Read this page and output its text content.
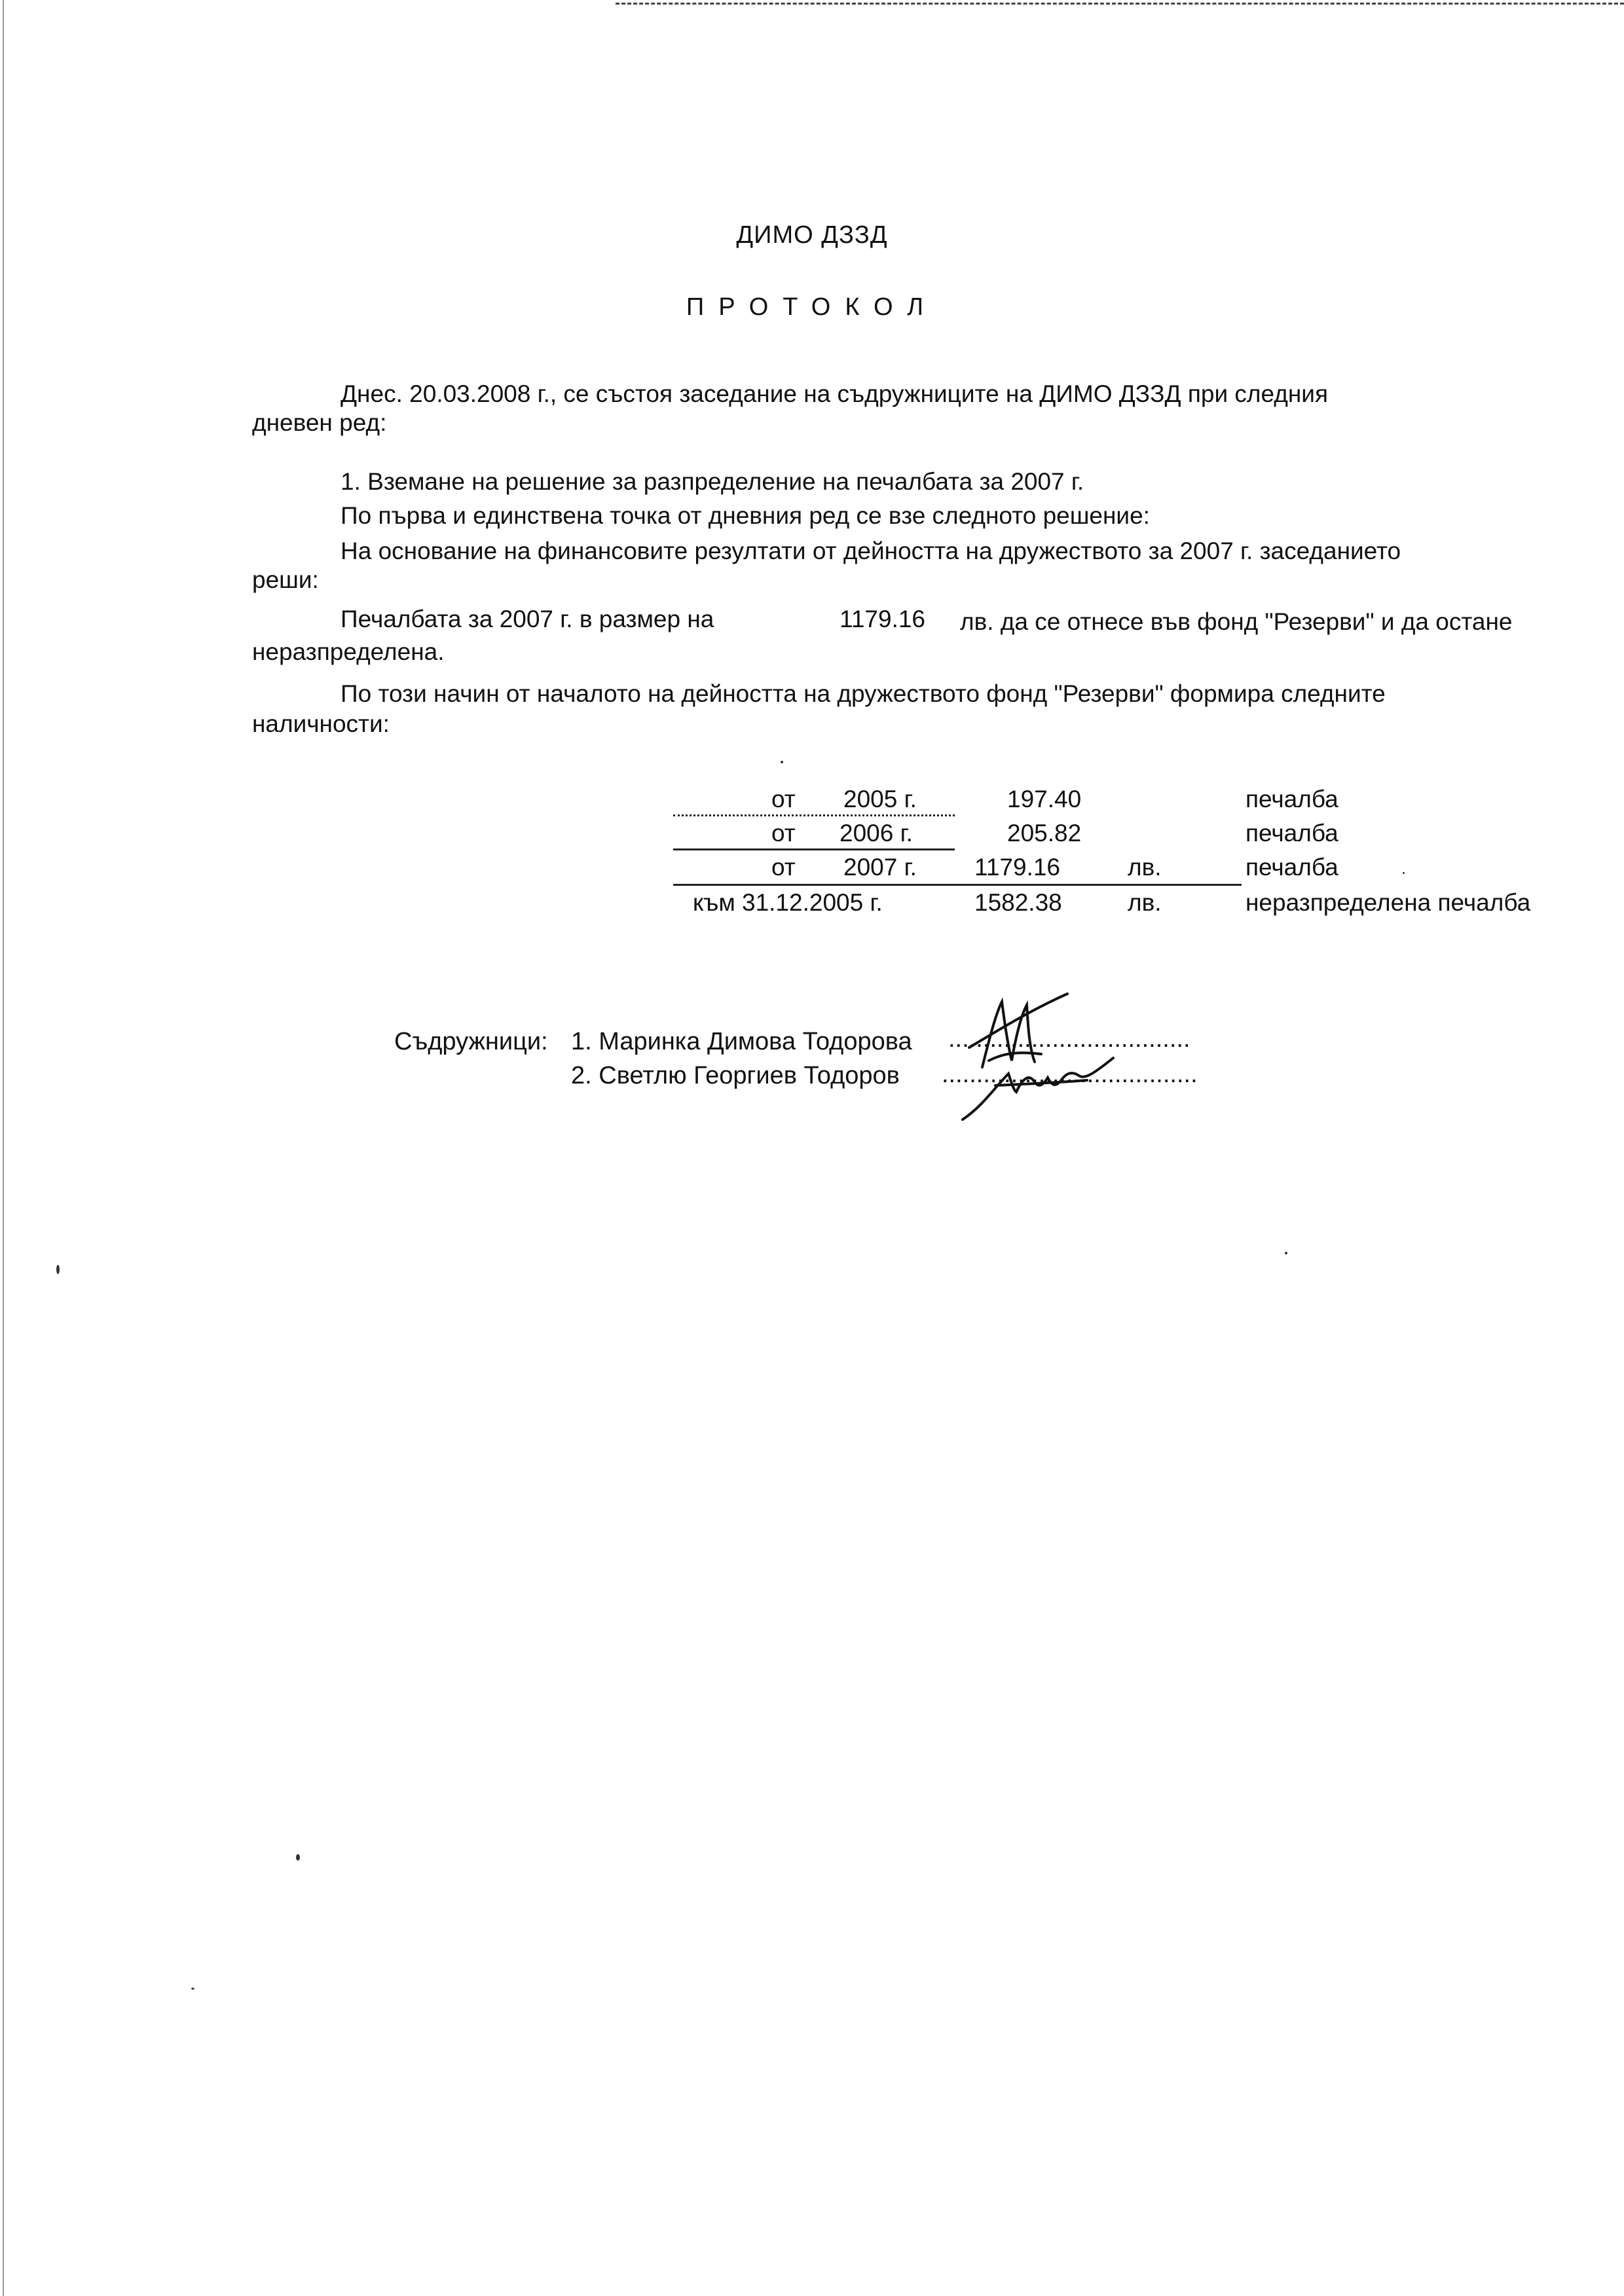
ДИМО ДЗЗД
ПРОТОКОЛ
Днес. 20.03.2008 г., се състоя заседание на съдружниците на ДИМО ДЗЗД при следния
дневен ред:
1. Вземане на решение за разпределение на печалбата за 2007 г.
По първа и единствена точка от дневния ред се взе следното решение:
На основание на финансовите резултати от дейността на дружеството за 2007 г. заседанието
реши:
Печалбата за 2007 г. в размер на	1179.16 лв. да се отнесе във фонд "Резерви" и да остане
неразпределена.
По този начин от началото на дейността на дружеството фонд "Резерви" формира следните
наличности:
от 2005 г.	197.40	печалба
от 2006 г.	205.82	печалба
от 2007 г. 1179.16	лв.	печалба
към 31.12.2005 г.	1582.38	лв.	неразпределена печалба
Съдружници: 1. Маринка Димова Тодорова ...................................
2. Светлю Георгиев Тодоров .....................................
